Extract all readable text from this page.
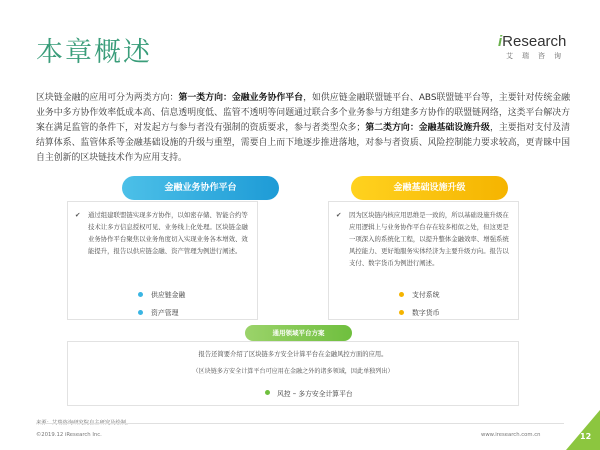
本章概述	iResearch
艾瑞咨询
区块链金融的应用可分为两类方向：第一类方向：金融业务协作平台，如供应链金融联盟链平台、ABS联盟链平台等，主要针对传统金融业务中多方协作效率低成本高、信息透明度低、监管不透明等问题通过联合多个业务参与方组建多方协作的联盟链网络，这类平台解决方案在满足监管的条件下，对发起方与参与者没有强制的资质要求，参与者类型众多；第二类方向：金融基础设施升级，主要指对支付及清结算体系、监管体系等金融基础设施的升级与重塑，需要自上而下地逐步推进落地，对参与者资质、风险控制能力要求较高，更青睐中国自主创新的区块链技术作为应用支持。
金融业务协作平台	金融基础设施升级
✔ 通过组建联盟链实现多方协作，以如密存储、智能合约等技术让多方信息授权可见、业务线上化处理。区块链金融业务协作平台聚焦以业务角度切入实现业务各本增效、效能提升，报告以供应链金融、资产管理为例进行阐述。
供应链金融
资产管理
✔ 因为区块链内核应用思维是一致的，所以基础设施升级在应用逻辑上与业务协作平台存在较多相似之处，但这更是一项深入的系统化工程，以提升整体金融效率、增强系统风控能力、更好地服务实体经济为主要升级方向。报告以支付、数字货币为例进行阐述。
支付系统
数字货币
通用领域平台方案
报告还简要介绍了区块链多方安全计算平台在金融风控方面的应用。
（区块链多方安全计算平台可应用在金融之外的诸多领域，因此单独列出）
风控 – 多方安全计算平台
来源：艾瑞咨询研究院自主研究及绘制。
©2019.12 iResearch Inc.	www.iresearch.com.cn	12
